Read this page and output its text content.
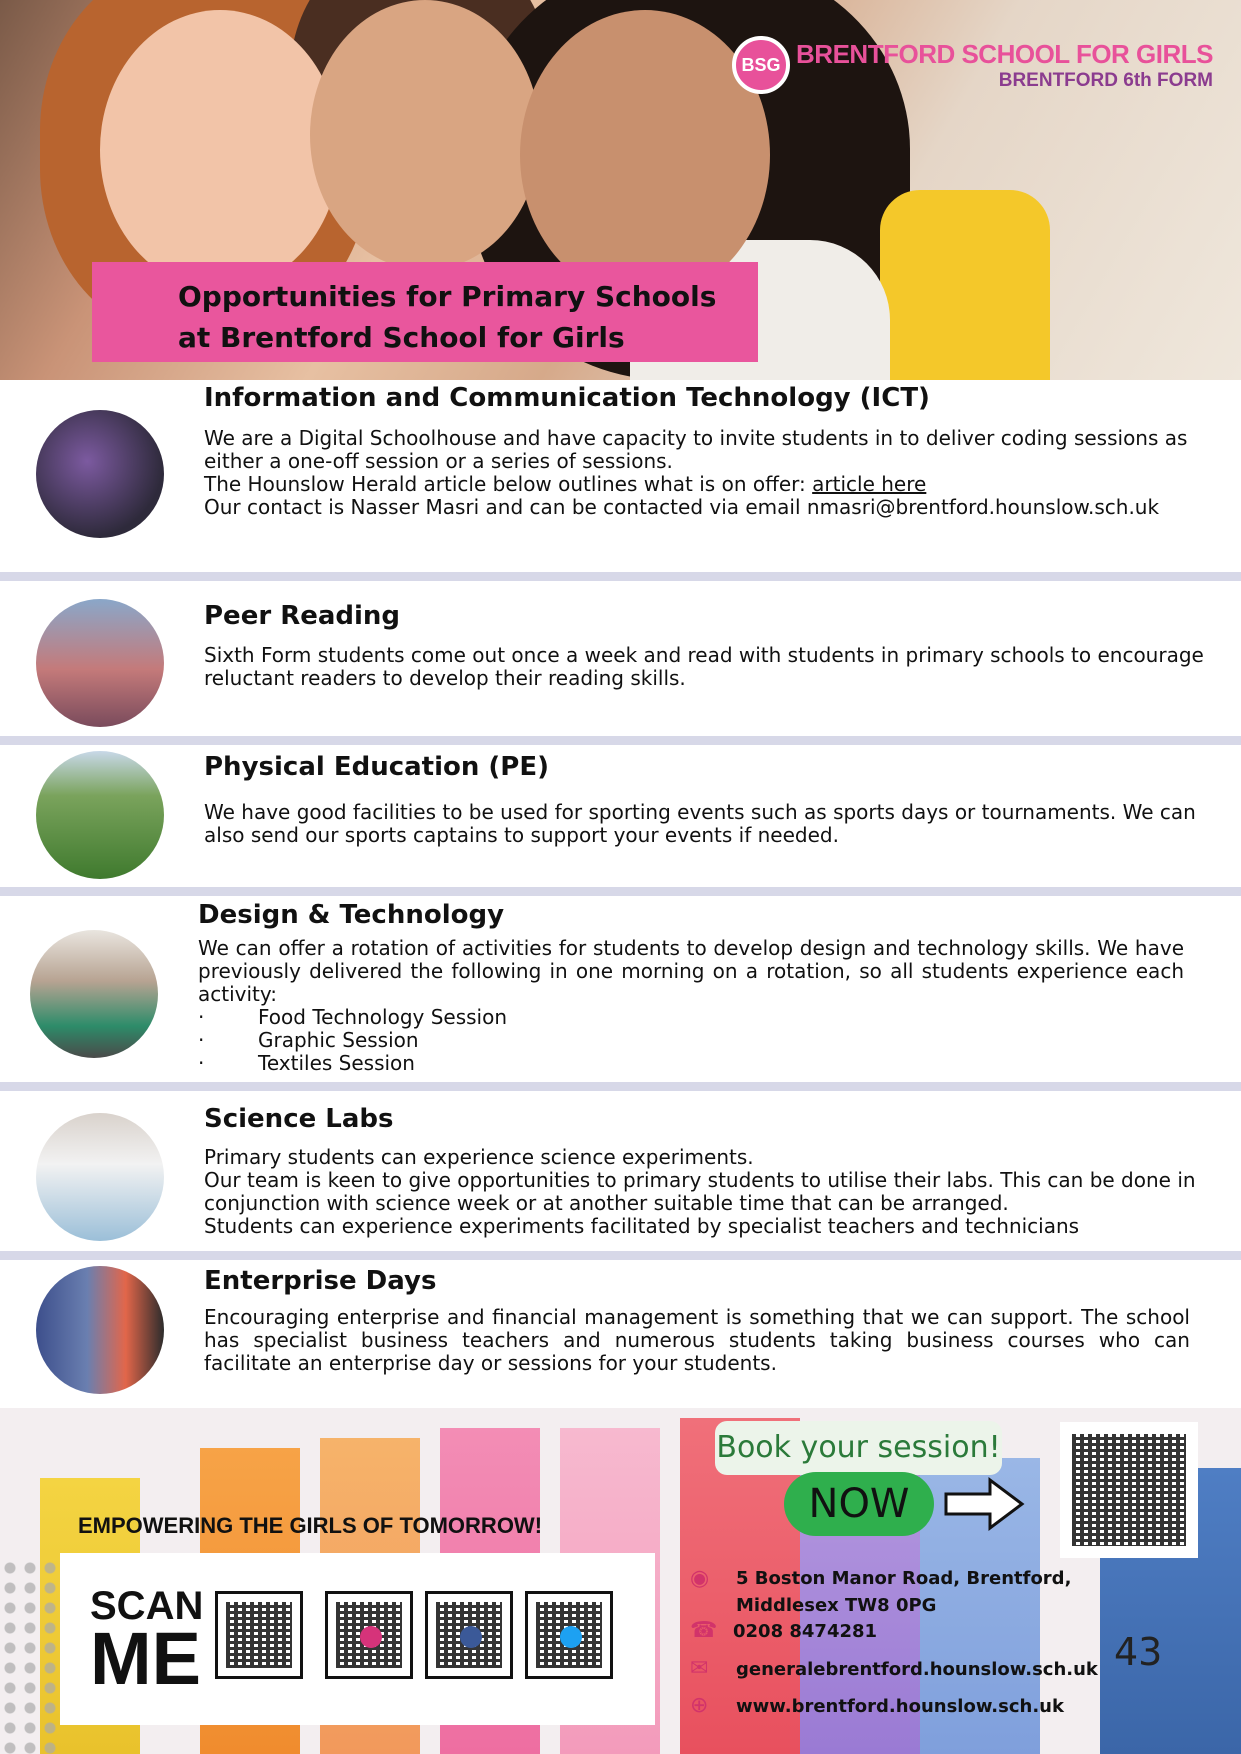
BSG BRENTFORD SCHOOL FOR GIRLS
BRENTFORD 6th FORM
Opportunities for Primary Schools
at Brentford School for Girls
Information and Communication Technology (ICT)

We are a Digital Schoolhouse and have capacity to invite students in to deliver coding sessions as either a one-off session or a series of sessions.

The Hounslow Herald article below outlines what is on offer: article here

Our contact is Nasser Masri and can be contacted via email nmasri@brentford.hounslow.sch.uk

Peer Reading

Sixth Form students come out once a week and read with students in primary schools to encourage reluctant readers to develop their reading skills.

Physical Education (PE)

We have good facilities to be used for sporting events such as sports days or tournaments. We can also send our sports captains to support your events if needed.

Design & Technology

We can offer a rotation of activities for students to develop design and technology skills. We have previously delivered the following in one morning on a rotation, so all students experience each activity:

·	Food Technology Session
·	Graphic Session
·	Textiles Session
Science Labs

Primary students can experience science experiments.

Our team is keen to give opportunities to primary students to utilise their labs. This can be done in conjunction with science week or at another suitable time that can be arranged.

Students can experience experiments facilitated by specialist teachers and technicians

Enterprise Days

Encouraging enterprise and financial management is something that we can support. The school has specialist business teachers and numerous students taking business courses who can facilitate an enterprise day or sessions for your students.

EMPOWERING THE GIRLS OF TOMORROW!
SCAN
ME
Book your session!
NOW
◉ 5 Boston Manor Road, Brentford,
Middlesex TW8 0PG
☎ 0208 8474281
✉ generalebrentford.hounslow.sch.uk
⊕ www.brentford.hounslow.sch.uk
43
